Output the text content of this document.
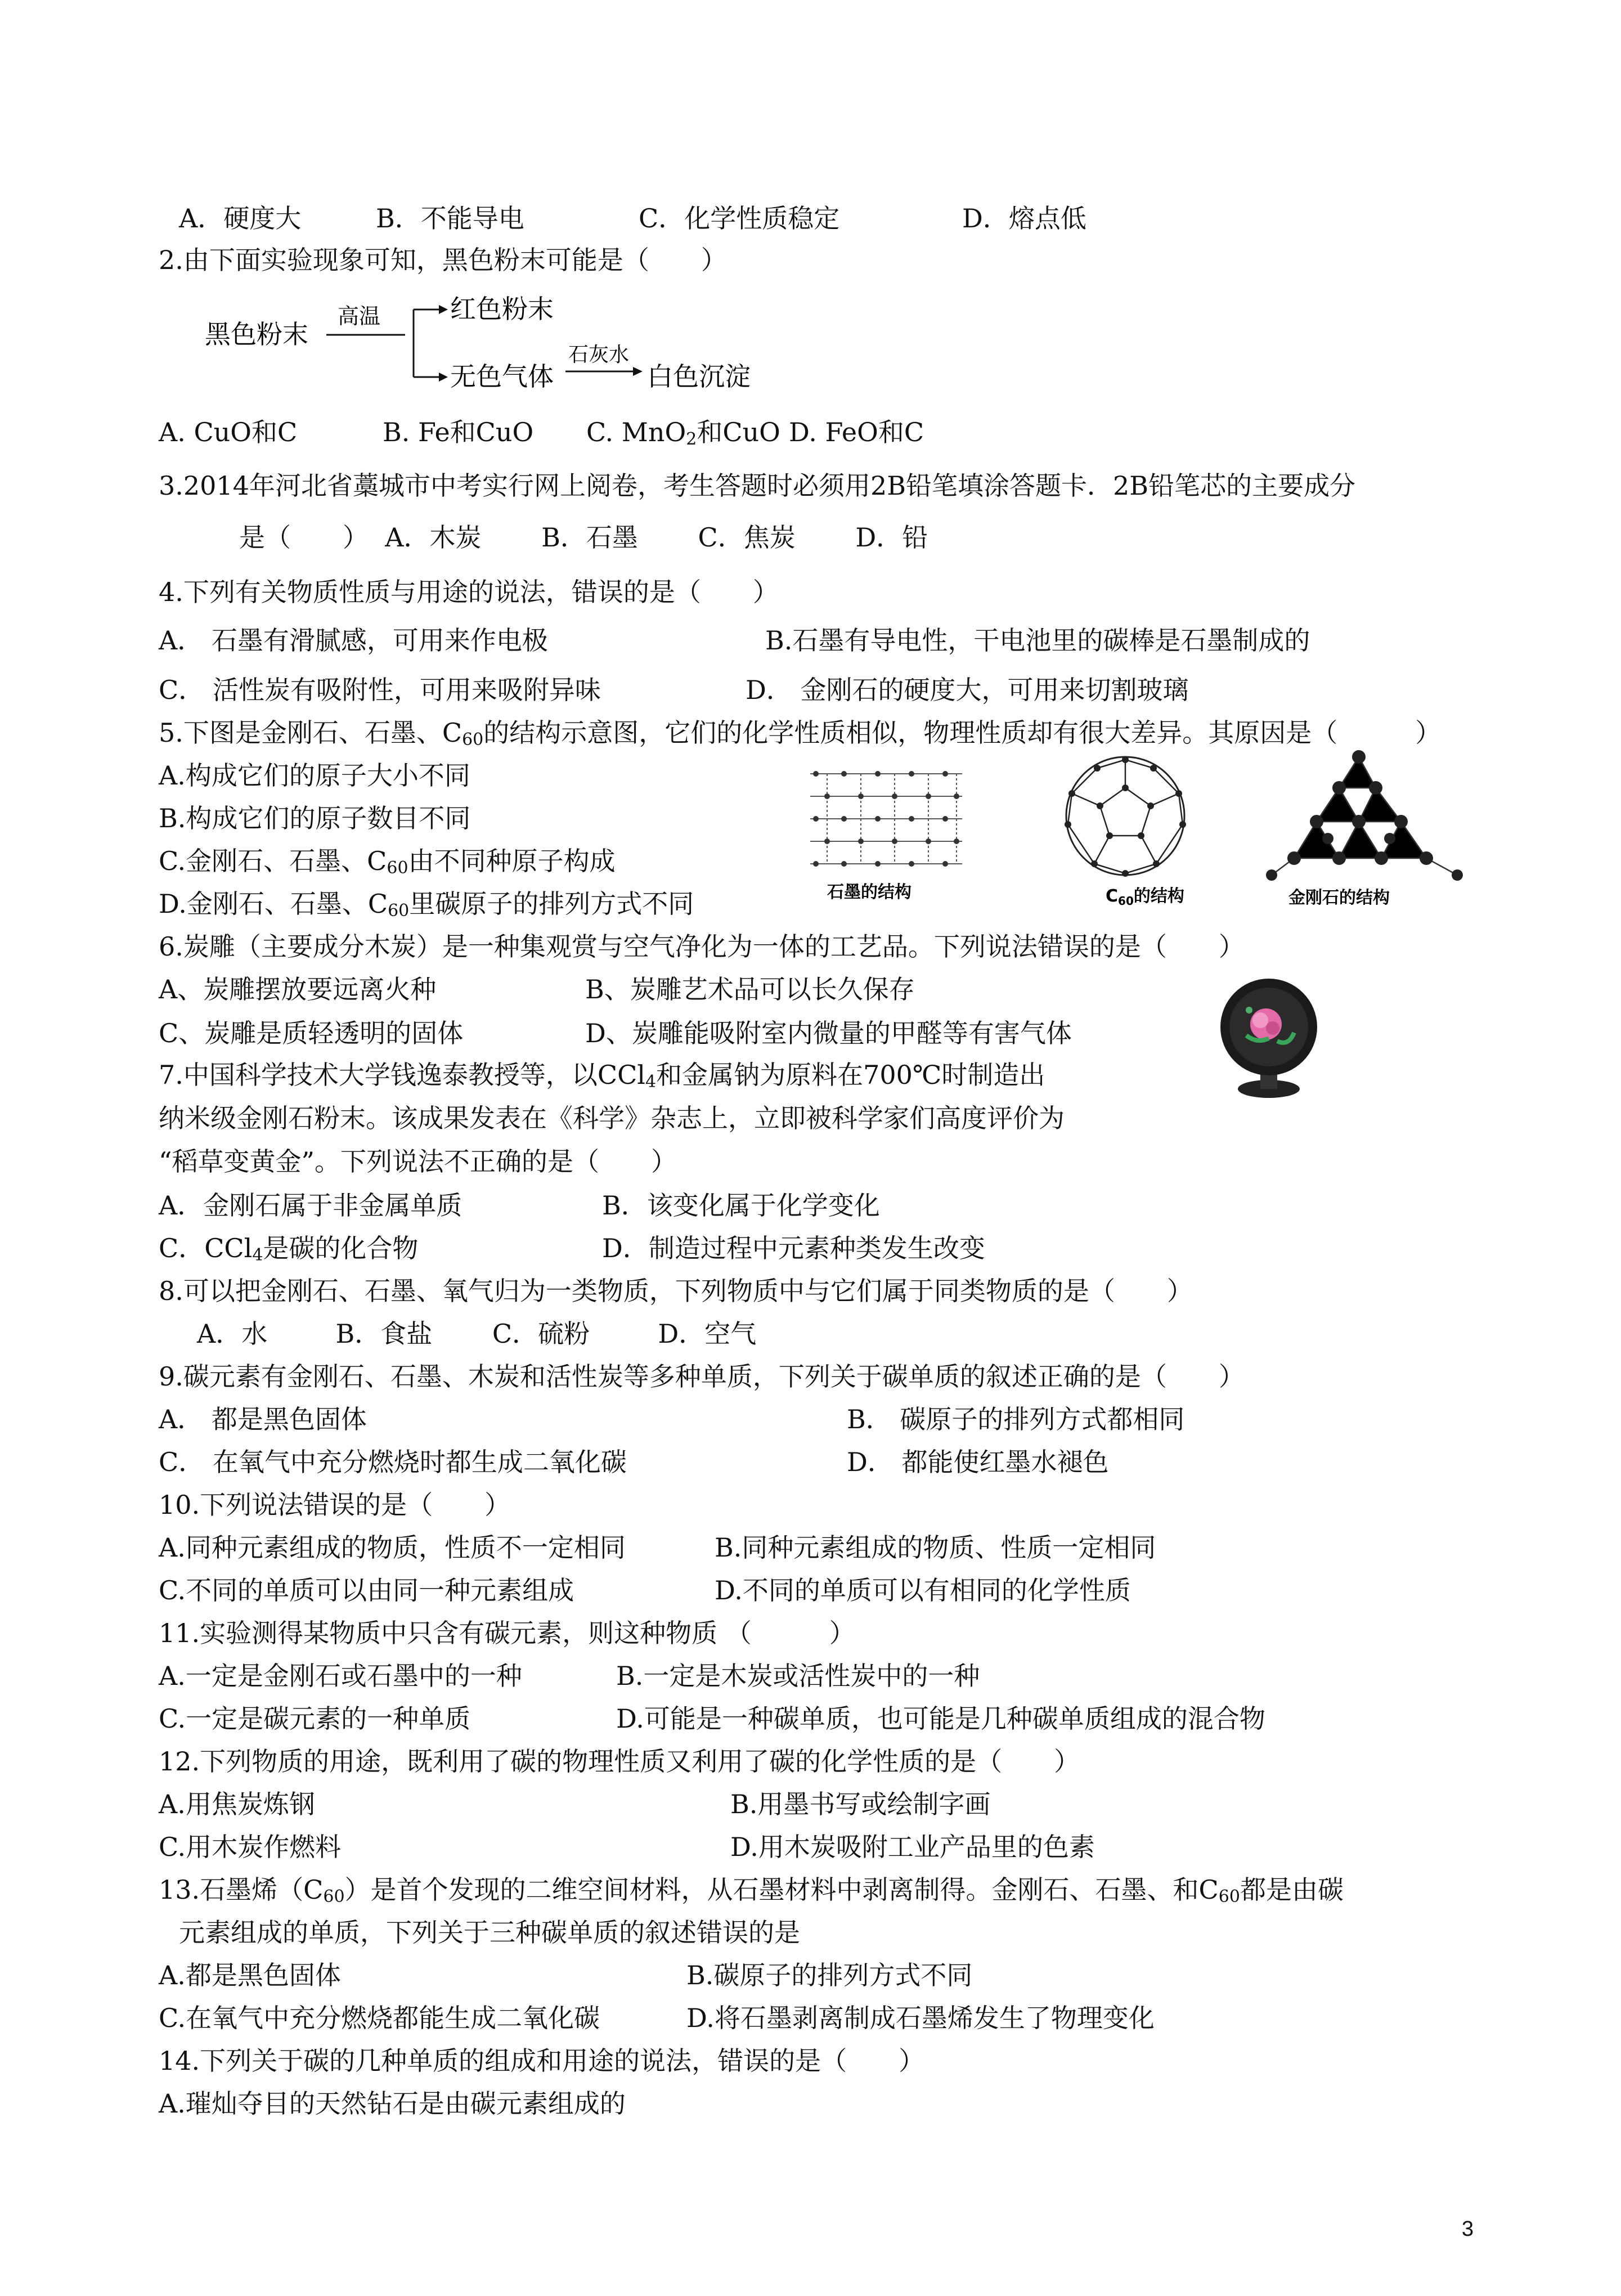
A．硬度大	B．不能导电	C．化学性质稳定	D．熔点低
2.由下面实验现象可知，黑色粉末可能是（　　）
黑色粉末
高温	红色粉末
无色气体
石灰水
白色沉淀
A. CuO和C	B. Fe和CuO C. MnO$_2$和CuO D. FeO和C
3.2014年河北省藁城市中考实行网上阅卷，考生答题时必须用2B铅笔填涂答题卡．2B铅笔芯的主要成分
是（　　）  A．木炭　　 B．石墨　　 C．焦炭　　 D．铅
4.下列有关物质性质与用途的说法，错误的是（　　）
A． 石墨有滑腻感，可用来作电极	B.石墨有导电性，干电池里的碳棒是石墨制成的
C． 活性炭有吸附性，可用来吸附异味	D． 金刚石的硬度大，可用来切割玻璃
5.下图是金刚石、石墨、$C_{60}$的结构示意图，它们的化学性质相似，物理性质却有很大差异。其原因是（　　　）
A.构成它们的原子大小不同
B.构成它们的原子数目不同
C.金刚石、石墨、$C_{60}$由不同种原子构成
D.金刚石、石墨、$C_{60}$里碳原子的排列方式不同	石墨的结构	$C_{60}$的结构	金刚石的结构
6.炭雕（主要成分木炭）是一种集观赏与空气净化为一体的工艺品。下列说法错误的是（　　）
A、炭雕摆放要远离火种	B、炭雕艺术品可以长久保存
C、炭雕是质轻透明的固体	D、炭雕能吸附室内微量的甲醛等有害气体
7.中国科学技术大学钱逸泰教授等，以CCl$_4$和金属钠为原料在700℃时制造出
纳米级金刚石粉末。该成果发表在《科学》杂志上，立即被科学家们高度评价为
“稻草变黄金”。下列说法不正确的是（　　）
A．金刚石属于非金属单质	B．该变化属于化学变化
C．CCl$_4$是碳的化合物	D．制造过程中元素种类发生改变
8.可以把金刚石、石墨、氧气归为一类物质，下列物质中与它们属于同类物质的是（　　）
A．水　　  B．食盐　　 C．硫粉　　  D．空气
9.碳元素有金刚石、石墨、木炭和活性炭等多种单质，下列关于碳单质的叙述正确的是（　　）
A． 都是黑色固体	B． 碳原子的排列方式都相同
C． 在氧气中充分燃烧时都生成二氧化碳	D． 都能使红墨水褪色
10.下列说法错误的是（　　）
A.同种元素组成的物质，性质不一定相同	B.同种元素组成的物质、性质一定相同
C.不同的单质可以由同一种元素组成	D.不同的单质可以有相同的化学性质
11.实验测得某物质中只含有碳元素，则这种物质 （　　　）
A.一定是金刚石或石墨中的一种	B.一定是木炭或活性炭中的一种
C.一定是碳元素的一种单质	D.可能是一种碳单质，也可能是几种碳单质组成的混合物
12.下列物质的用途，既利用了碳的物理性质又利用了碳的化学性质的是（　　）
A.用焦炭炼钢	B.用墨书写或绘制字画
C.用木炭作燃料	D.用木炭吸附工业产品里的色素
13.石墨烯$(C_{60})$是首个发现的二维空间材料，从石墨材料中剥离制得。金刚石、石墨、和$C_{60}$都是由碳
元素组成的单质，下列关于三种碳单质的叙述错误的是
A.都是黑色固体	B.碳原子的排列方式不同
C.在氧气中充分燃烧都能生成二氧化碳	D.将石墨剥离制成石墨烯发生了物理变化
14.下列关于碳的几种单质的组成和用途的说法，错误的是（　　）
A.璀灿夺目的天然钻石是由碳元素组成的
3
